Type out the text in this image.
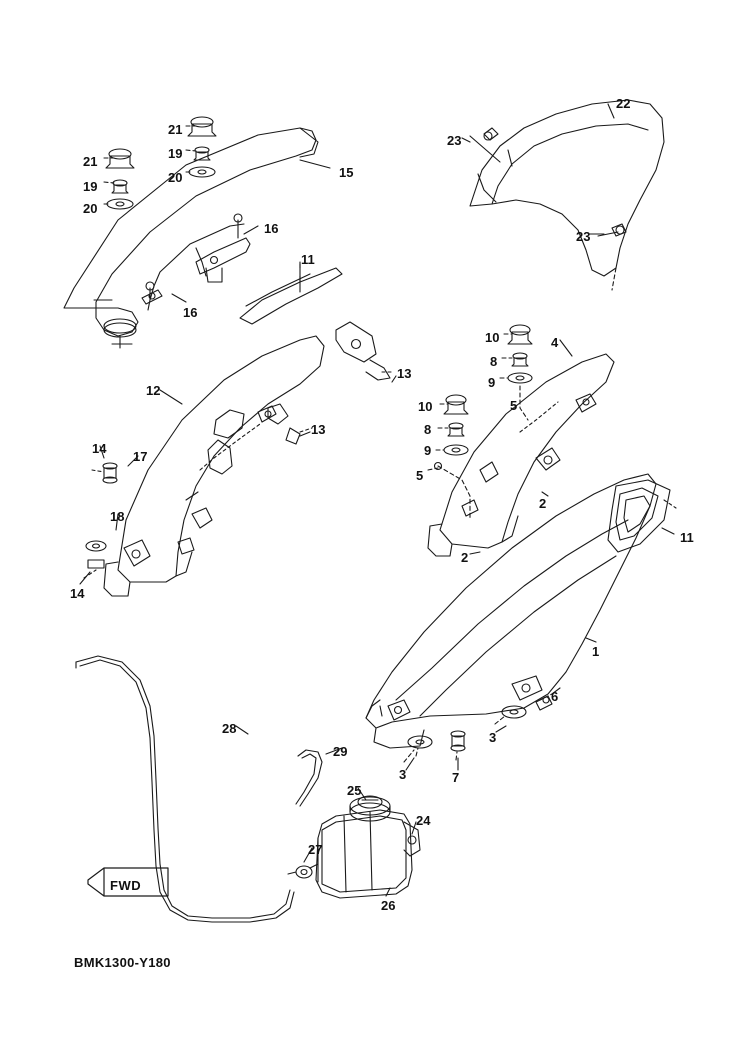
FWD
BMK1300-Y180
1
2
2
3
3
4
5
5
6
7
8
8
9
9
10
10
11
11
12
13
13
14
14
15
16
16
17
18
19
19
20
20
21
21
22
23
23
24
25
26
27
28
29
